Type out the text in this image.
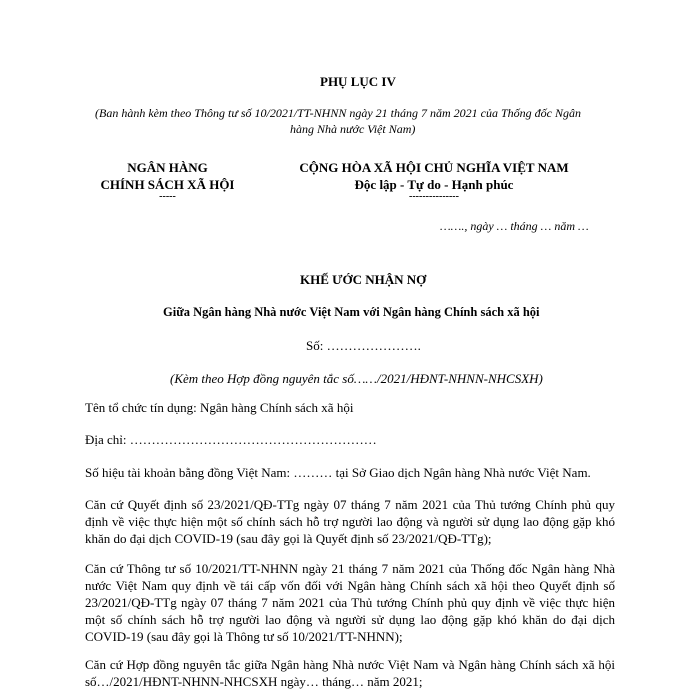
PHỤ LỤC IV
(Ban hành kèm theo Thông tư số 10/2021/TT-NHNN ngày 21 tháng 7 năm 2021 của Thống đốc Ngân
hàng Nhà nước Việt Nam)
NGÂN HÀNG
CHÍNH SÁCH XÃ HỘI
-----
CỘNG HÒA XÃ HỘI CHỦ NGHĨA VIỆT NAM
Độc lập - Tự do - Hạnh phúc
---------------
……., ngày … tháng … năm …
KHẾ ƯỚC NHẬN NỢ
Giữa Ngân hàng Nhà nước Việt Nam với Ngân hàng Chính sách xã hội
Số: ………………….
(Kèm theo Hợp đồng nguyên tắc số……/2021/HĐNT-NHNN-NHCSXH)
Tên tổ chức tín dụng: Ngân hàng Chính sách xã hội
Địa chỉ: …………………………………………………
Số hiệu tài khoản bằng đồng Việt Nam: ……… tại Sở Giao dịch Ngân hàng Nhà nước Việt Nam.
Căn cứ Quyết định số 23/2021/QĐ-TTg ngày 07 tháng 7 năm 2021 của Thủ tướng Chính phủ quy định về việc thực hiện một số chính sách hỗ trợ người lao động và người sử dụng lao động gặp khó khăn do đại dịch COVID-19 (sau đây gọi là Quyết định số 23/2021/QĐ-TTg);
Căn cứ Thông tư số 10/2021/TT-NHNN ngày 21 tháng 7 năm 2021 của Thống đốc Ngân hàng Nhà nước Việt Nam quy định về tái cấp vốn đối với Ngân hàng Chính sách xã hội theo Quyết định số 23/2021/QĐ-TTg ngày 07 tháng 7 năm 2021 của Thủ tướng Chính phủ quy định về việc thực hiện một số chính sách hỗ trợ người lao động và người sử dụng lao động gặp khó khăn do đại dịch COVID-19 (sau đây gọi là Thông tư số 10/2021/TT-NHNN);
Căn cứ Hợp đồng nguyên tắc giữa Ngân hàng Nhà nước Việt Nam và Ngân hàng Chính sách xã hội số…/2021/HĐNT-NHNN-NHCSXH ngày… tháng… năm 2021;
